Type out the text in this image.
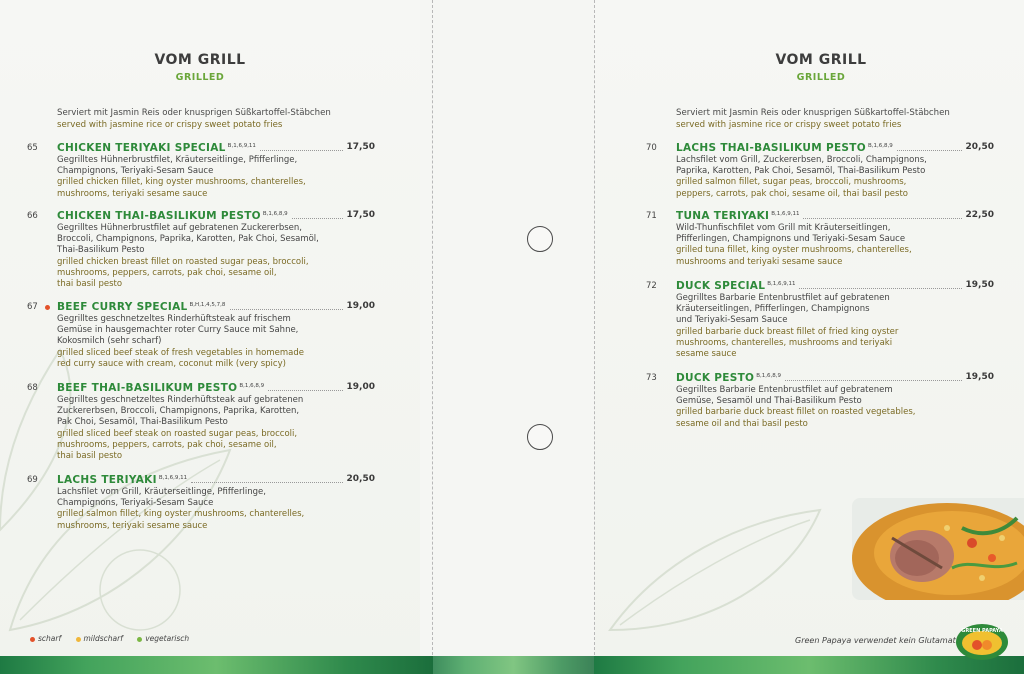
VOM GRILL
GRILLED
Serviert mit Jasmin Reis oder knusprigen Süßkartoffel-Stäbchen
served with jasmine rice or crispy sweet potato fries
65 CHICKEN TERIYAKI SPECIAL $^{B,1,6,9,11}$	17,50
Gegrilltes Hühnerbrustfilet, Kräuterseitlinge, Pfifferlinge,
Champignons, Teriyaki-Sesam Sauce
grilled chicken fillet, king oyster mushrooms, chanterelles,
mushrooms, teriyaki sesame sauce
66 CHICKEN THAI-BASILIKUM PESTO $^{B,1,6,8,9}$	17,50
Gegrilltes Hühnerbrustfilet auf gebratenen Zuckererbsen,
Broccoli, Champignons, Paprika, Karotten, Pak Choi, Sesamöl,
Thai-Basilikum Pesto
grilled chicken breast fillet on roasted sugar peas, broccoli,
mushrooms, peppers, carrots, pak choi, sesame oil,
thai basil pesto
67 BEEF CURRY SPECIAL $^{B,H,1,4,5,7,8}$	19,00
Gegrilltes geschnetzeltes Rinderhüftsteak auf frischem
Gemüse in hausgemachter roter Curry Sauce mit Sahne,
Kokosmilch (sehr scharf)
grilled sliced beef steak of fresh vegetables in homemade
red curry sauce with cream, coconut milk (very spicy)
68 BEEF THAI-BASILIKUM PESTO $^{B,1,6,8,9}$	19,00
Gegrilltes geschnetzeltes Rinderhüftsteak auf gebratenen
Zuckererbsen, Broccoli, Champignons, Paprika, Karotten,
Pak Choi, Sesamöl, Thai-Basilikum Pesto
grilled sliced beef steak on roasted sugar peas, broccoli,
mushrooms, peppers, carrots, pak choi, sesame oil,
thai basil pesto
69 LACHS TERIYAKI $^{B,1,6,9,11}$	20,50
Lachsfilet vom Grill, Kräuterseitlinge, Pfifferlinge,
Champignons, Teriyaki-Sesam Sauce
grilled salmon fillet, king oyster mushrooms, chanterelles,
mushrooms, teriyaki sesame sauce
scharf	mildscharf	vegetarisch
VOM GRILL
GRILLED
Serviert mit Jasmin Reis oder knusprigen Süßkartoffel-Stäbchen
served with jasmine rice or crispy sweet potato fries
70 LACHS THAI-BASILIKUM PESTO $^{B,1,6,8,9}$	20,50
Lachsfilet vom Grill, Zuckererbsen, Broccoli, Champignons,
Paprika, Karotten, Pak Choi, Sesamöl, Thai-Basilikum Pesto
grilled salmon fillet, sugar peas, broccoli, mushrooms,
peppers, carrots, pak choi, sesame oil, thai basil pesto
71 TUNA TERIYAKI $^{B,1,6,9,11}$	22,50
Wild-Thunfischfilet vom Grill mit Kräuterseitlingen,
Pfifferlingen, Champignons und Teriyaki-Sesam Sauce
grilled tuna fillet, king oyster mushrooms, chanterelles,
mushrooms and teriyaki sesame sauce
72 DUCK SPECIAL $^{B,1,6,9,11}$	19,50
Gegrilltes Barbarie Entenbrustfilet auf gebratenen
Kräuterseitlingen, Pfifferlingen, Champignons
und Teriyaki-Sesam Sauce
grilled barbarie duck breast fillet of fried king oyster
mushrooms, chanterelles, mushrooms and teriyaki
sesame sauce
73 DUCK PESTO $^{B,1,6,8,9}$	19,50
Gegrilltes Barbarie Entenbrustfilet auf gebratenem
Gemüse, Sesamöl und Thai-Basilikum Pesto
grilled barbarie duck breast fillet on roasted vegetables,
sesame oil and thai basil pesto
Green Papaya verwendet kein Glutamat
GREEN PAPAYA
